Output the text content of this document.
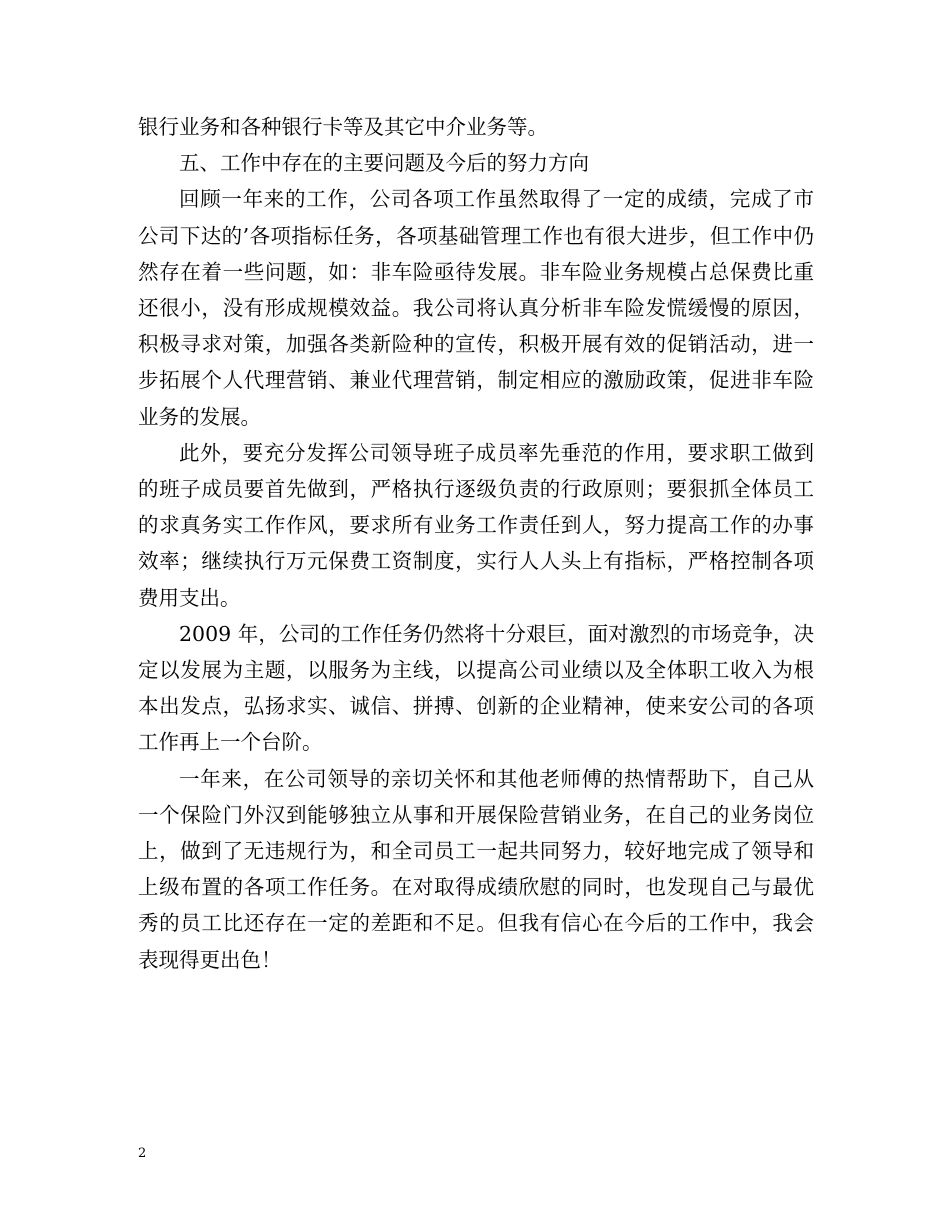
银行业务和各种银行卡等及其它中介业务等。

五、工作中存在的主要问题及今后的努力方向

回顾一年来的工作，公司各项工作虽然取得了一定的成绩，完成了市公司下达的’各项指标任务，各项基础管理工作也有很大进步，但工作中仍然存在着一些问题，如：非车险亟待发展。非车险业务规模占总保费比重还很小，没有形成规模效益。我公司将认真分析非车险发慌缓慢的原因，积极寻求对策，加强各类新险种的宣传，积极开展有效的促销活动，进一步拓展个人代理营销、兼业代理营销，制定相应的激励政策，促进非车险业务的发展。

此外，要充分发挥公司领导班子成员率先垂范的作用，要求职工做到的班子成员要首先做到，严格执行逐级负责的行政原则；要狠抓全体员工的求真务实工作作风，要求所有业务工作责任到人，努力提高工作的办事效率；继续执行万元保费工资制度，实行人人头上有指标，严格控制各项费用支出。

2009 年，公司的工作任务仍然将十分艰巨，面对激烈的市场竞争，决定以发展为主题，以服务为主线，以提高公司业绩以及全体职工收入为根本出发点，弘扬求实、诚信、拼搏、创新的企业精神，使来安公司的各项工作再上一个台阶。

一年来，在公司领导的亲切关怀和其他老师傅的热情帮助下，自己从一个保险门外汉到能够独立从事和开展保险营销业务，在自己的业务岗位上，做到了无违规行为，和全司员工一起共同努力，较好地完成了领导和上级布置的各项工作任务。在对取得成绩欣慰的同时，也发现自己与最优秀的员工比还存在一定的差距和不足。但我有信心在今后的工作中，我会表现得更出色！

2
